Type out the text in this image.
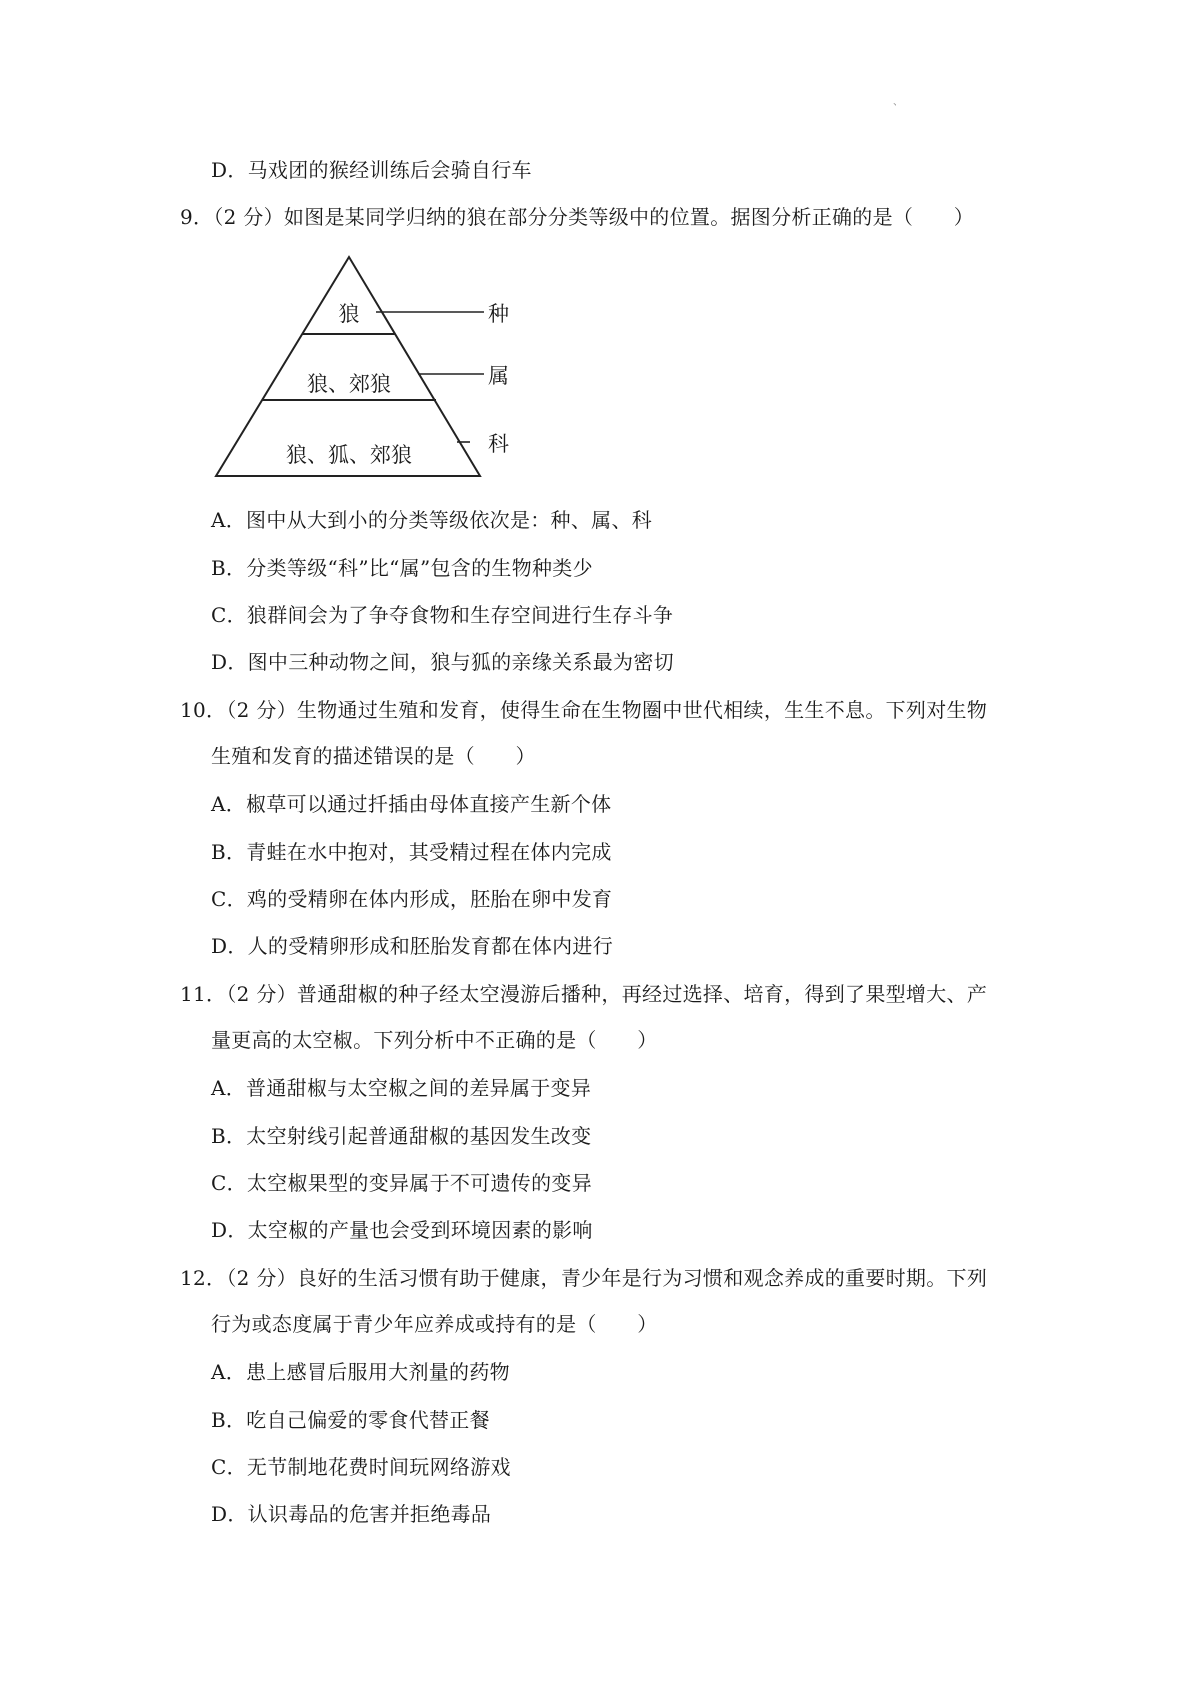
、
D．马戏团的猴经训练后会骑自行车
9．（2 分）如图是某同学归纳的狼在部分分类等级中的位置。据图分析正确的是（　　）
狼
狼、郊狼
狼、狐、郊狼
种
属
科
A．图中从大到小的分类等级依次是：种、属、科
B．分类等级“科”比“属”包含的生物种类少
C．狼群间会为了争夺食物和生存空间进行生存斗争
D．图中三种动物之间，狼与狐的亲缘关系最为密切
10．（2 分）生物通过生殖和发育，使得生命在生物圈中世代相续，生生不息。下列对生物
生殖和发育的描述错误的是（　　）
A．椒草可以通过扦插由母体直接产生新个体
B．青蛙在水中抱对，其受精过程在体内完成
C．鸡的受精卵在体内形成，胚胎在卵中发育
D．人的受精卵形成和胚胎发育都在体内进行
11．（2 分）普通甜椒的种子经太空漫游后播种，再经过选择、培育，得到了果型增大、产
量更高的太空椒。下列分析中不正确的是（　　）
A．普通甜椒与太空椒之间的差异属于变异
B．太空射线引起普通甜椒的基因发生改变
C．太空椒果型的变异属于不可遗传的变异
D．太空椒的产量也会受到环境因素的影响
12．（2 分）良好的生活习惯有助于健康，青少年是行为习惯和观念养成的重要时期。下列
行为或态度属于青少年应养成或持有的是（　　）
A．患上感冒后服用大剂量的药物
B．吃自己偏爱的零食代替正餐
C．无节制地花费时间玩网络游戏
D．认识毒品的危害并拒绝毒品
